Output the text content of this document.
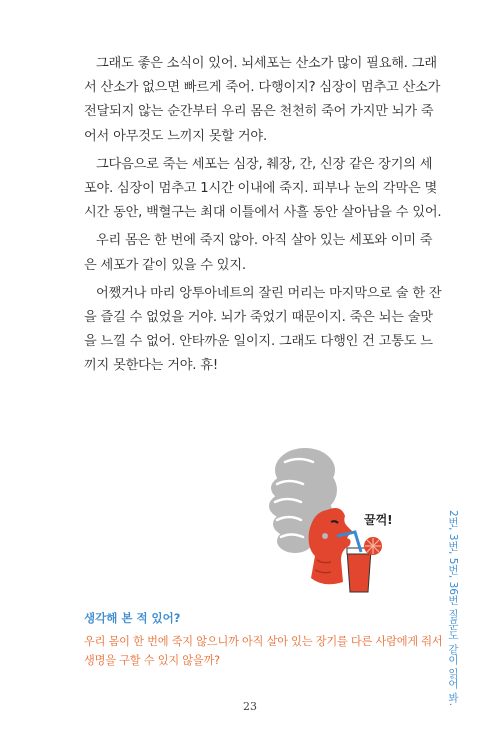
그래도 좋은 소식이 있어. 뇌세포는 산소가 많이 필요해. 그래서 산소가 없으면 빠르게 죽어. 다행이지? 심장이 멈추고 산소가 전달되지 않는 순간부터 우리 몸은 천천히 죽어 가지만 뇌가 죽어서 아무것도 느끼지 못할 거야.

그다음으로 죽는 세포는 심장, 췌장, 간, 신장 같은 장기의 세포야. 심장이 멈추고 1시간 이내에 죽지. 피부나 눈의 각막은 몇 시간 동안, 백혈구는 최대 이틀에서 사흘 동안 살아남을 수 있어.

우리 몸은 한 번에 죽지 않아. 아직 살아 있는 세포와 이미 죽은 세포가 같이 있을 수 있지.

어쨌거나 마리 앙투아네트의 잘린 머리는 마지막으로 술 한 잔을 즐길 수 없었을 거야. 뇌가 죽었기 때문이지. 죽은 뇌는 술맛을 느낄 수 없어. 안타까운 일이지. 그래도 다행인 건 고통도 느끼지 못한다는 거야. 휴!

꿀꺽!	2번, 3번, 5번, 36번 질문도 같이 읽어 봐.

생각해 본 적 있어?

우리 몸이 한 번에 죽지 않으니까 아직 살아 있는 장기를 다른 사람에게 줘서 생명을 구할 수 있지 않을까?

23
